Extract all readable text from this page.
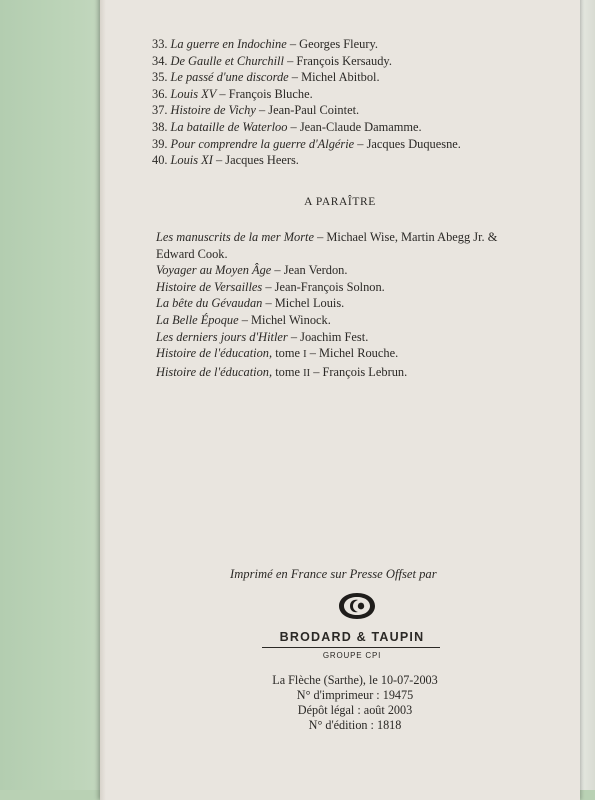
33. La guerre en Indochine – Georges Fleury.
34. De Gaulle et Churchill – François Kersaudy.
35. Le passé d'une discorde – Michel Abitbol.
36. Louis XV – François Bluche.
37. Histoire de Vichy – Jean-Paul Cointet.
38. La bataille de Waterloo – Jean-Claude Damamme.
39. Pour comprendre la guerre d'Algérie – Jacques Duquesne.
40. Louis XI – Jacques Heers.
A PARAÎTRE
Les manuscrits de la mer Morte – Michael Wise, Martin Abegg Jr. &
Edward Cook.
Voyager au Moyen Âge – Jean Verdon.
Histoire de Versailles – Jean-François Solnon.
La bête du Gévaudan – Michel Louis.
La Belle Époque – Michel Winock.
Les derniers jours d'Hitler – Joachim Fest.
Histoire de l'éducation, tome I – Michel Rouche.
Histoire de l'éducation, tome II – François Lebrun.
Imprimé en France sur Presse Offset par
BRODARD & TAUPIN
GROUPE CPI
La Flèche (Sarthe), le 10-07-2003
N° d'imprimeur : 19475
Dépôt légal : août 2003
N° d'édition : 1818
